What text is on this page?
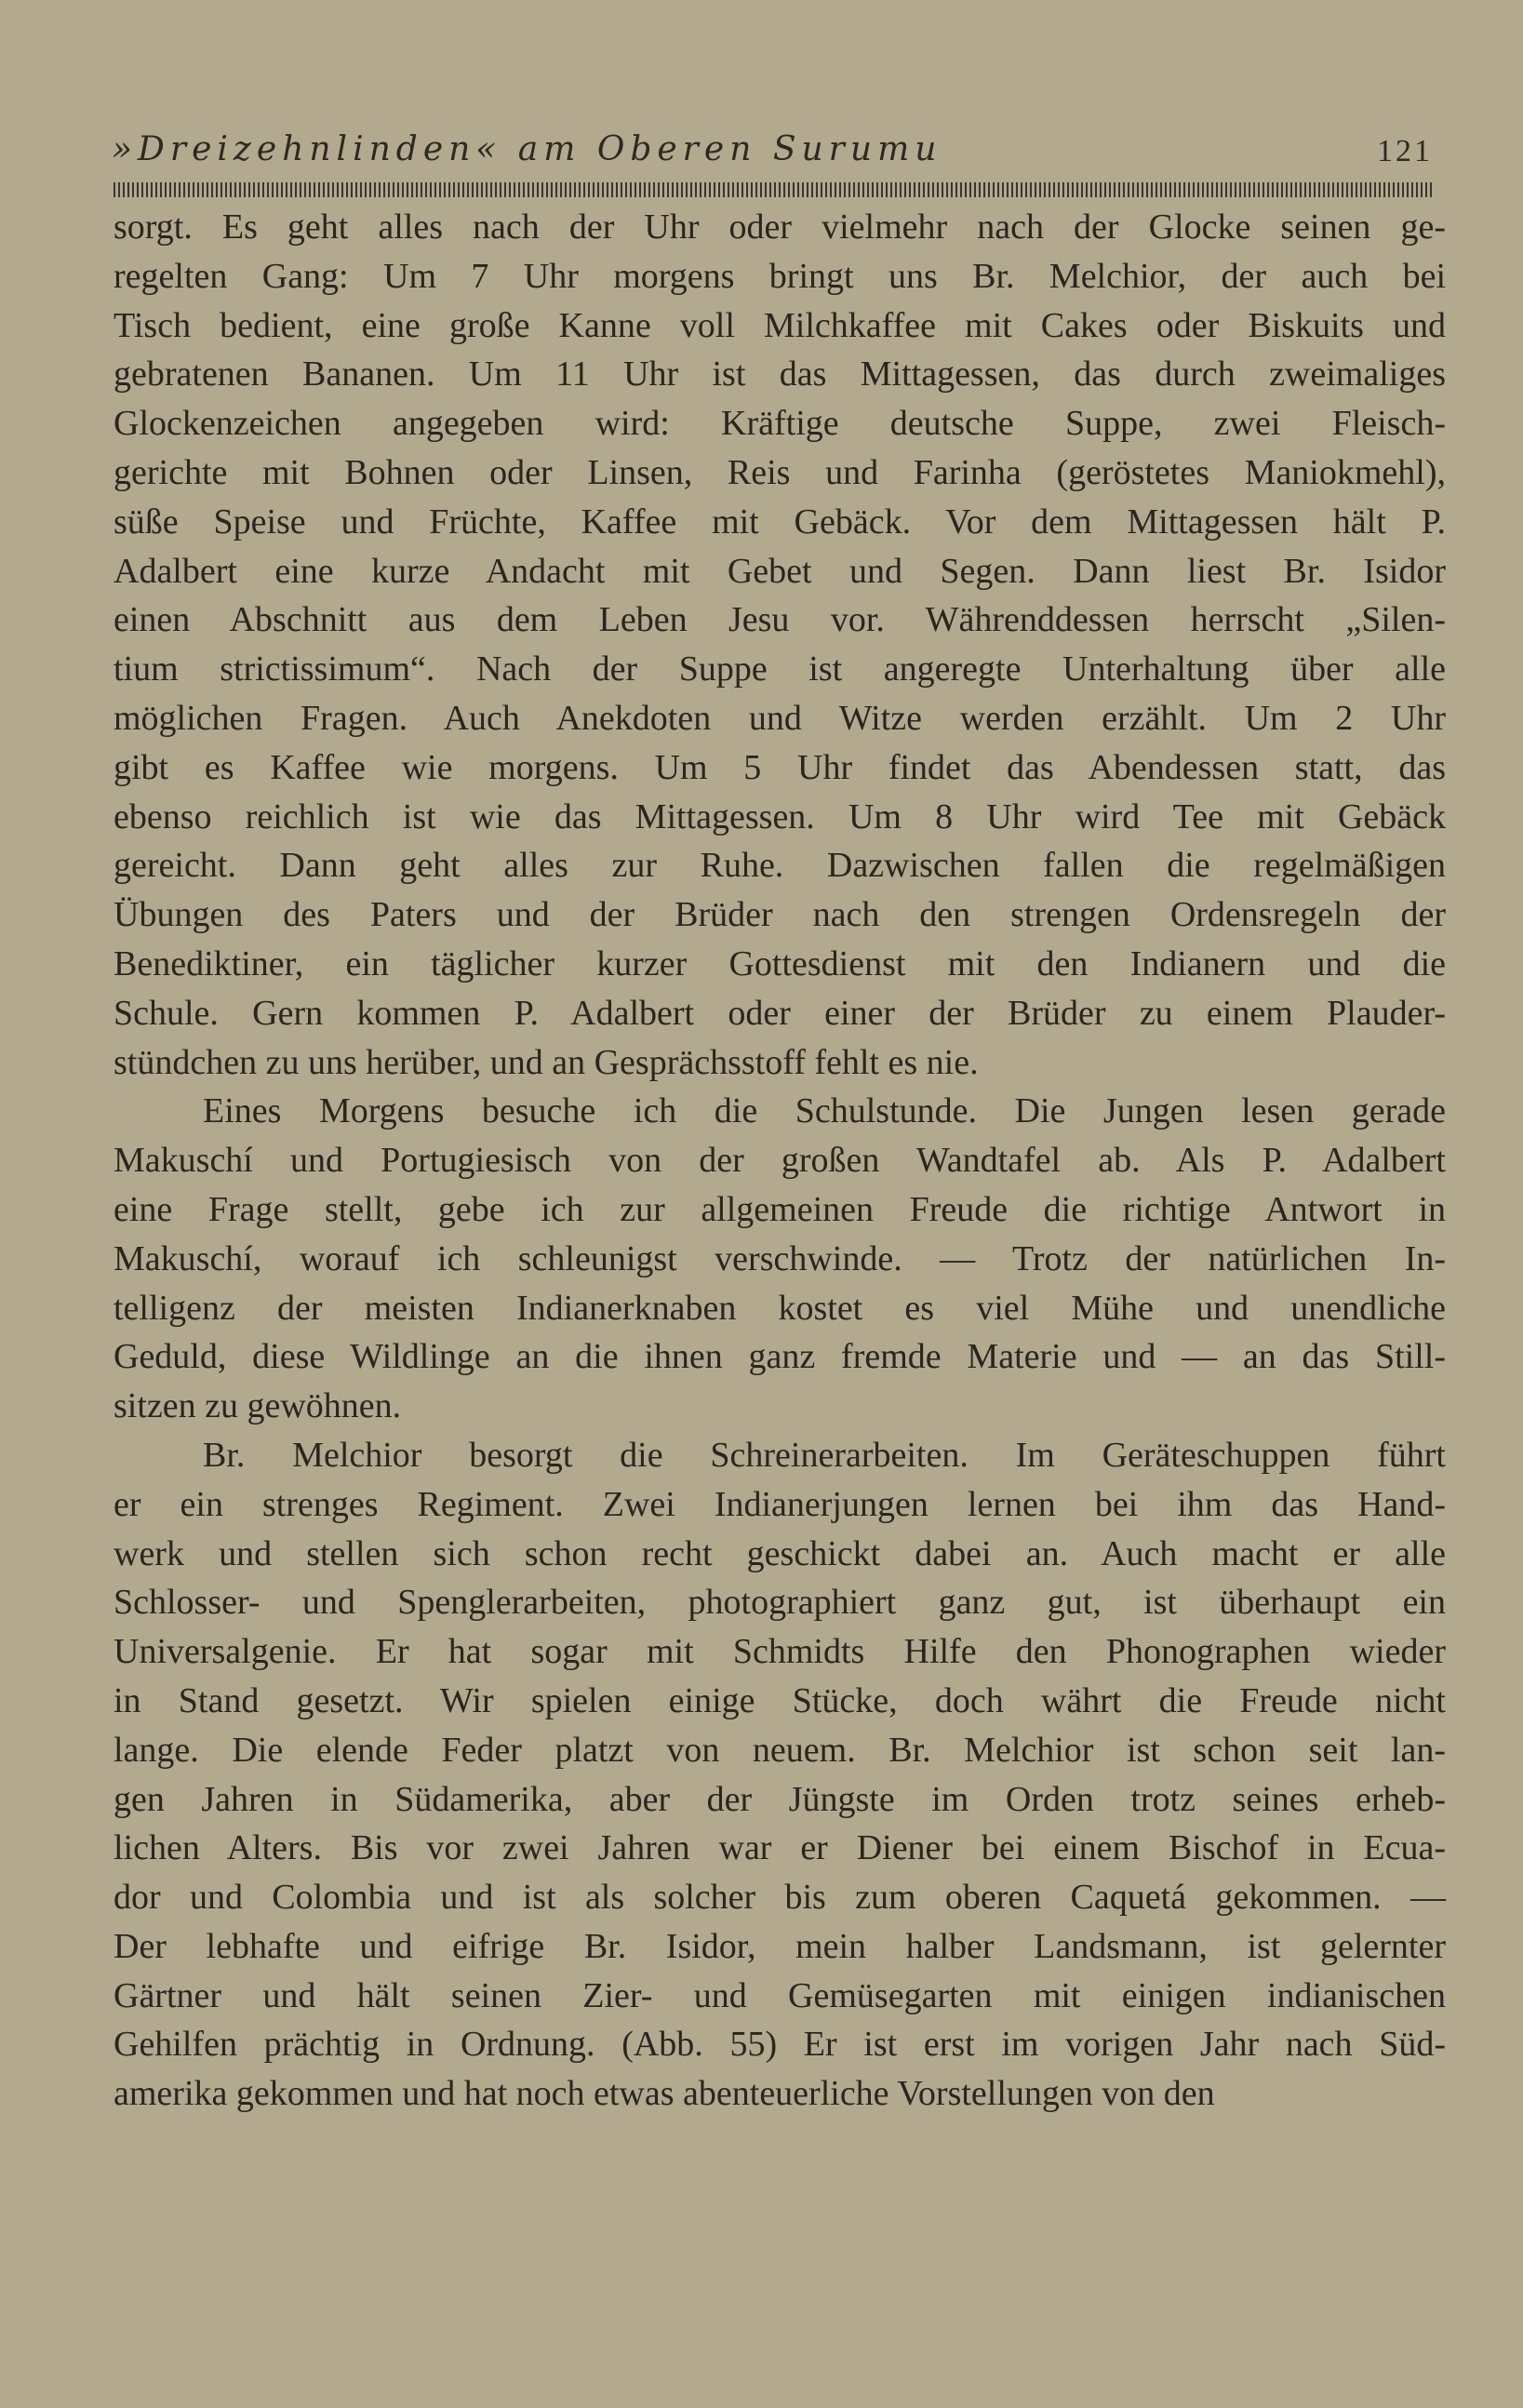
»Dreizehnlinden« am Oberen Surumu	121

sorgt. Es geht alles nach der Uhr oder vielmehr nach der Glocke seinen ge-
regelten Gang: Um 7 Uhr morgens bringt uns Br. Melchior, der auch bei
Tisch bedient, eine große Kanne voll Milchkaffee mit Cakes oder Biskuits und
gebratenen Bananen. Um 11 Uhr ist das Mittagessen, das durch zweimaliges
Glockenzeichen angegeben wird: Kräftige deutsche Suppe, zwei Fleisch-
gerichte mit Bohnen oder Linsen, Reis und Farinha (geröstetes Maniokmehl),
süße Speise und Früchte, Kaffee mit Gebäck. Vor dem Mittagessen hält P.
Adalbert eine kurze Andacht mit Gebet und Segen. Dann liest Br. Isidor
einen Abschnitt aus dem Leben Jesu vor. Währenddessen herrscht „Silen-
tium strictissimum“. Nach der Suppe ist angeregte Unterhaltung über alle
möglichen Fragen. Auch Anekdoten und Witze werden erzählt. Um 2 Uhr
gibt es Kaffee wie morgens. Um 5 Uhr findet das Abendessen statt, das
ebenso reichlich ist wie das Mittagessen. Um 8 Uhr wird Tee mit Gebäck
gereicht. Dann geht alles zur Ruhe. Dazwischen fallen die regelmäßigen
Übungen des Paters und der Brüder nach den strengen Ordensregeln der
Benediktiner, ein täglicher kurzer Gottesdienst mit den Indianern und die
Schule. Gern kommen P. Adalbert oder einer der Brüder zu einem Plauder-
stündchen zu uns herüber, und an Gesprächsstoff fehlt es nie.

Eines Morgens besuche ich die Schulstunde. Die Jungen lesen gerade
Makuschí und Portugiesisch von der großen Wandtafel ab. Als P. Adalbert
eine Frage stellt, gebe ich zur allgemeinen Freude die richtige Antwort in
Makuschí, worauf ich schleunigst verschwinde. — Trotz der natürlichen In-
telligenz der meisten Indianerknaben kostet es viel Mühe und unendliche
Geduld, diese Wildlinge an die ihnen ganz fremde Materie und — an das Still-
sitzen zu gewöhnen.

Br. Melchior besorgt die Schreinerarbeiten. Im Geräteschuppen führt
er ein strenges Regiment. Zwei Indianerjungen lernen bei ihm das Hand-
werk und stellen sich schon recht geschickt dabei an. Auch macht er alle
Schlosser- und Spenglerarbeiten, photographiert ganz gut, ist überhaupt ein
Universalgenie. Er hat sogar mit Schmidts Hilfe den Phonographen wieder
in Stand gesetzt. Wir spielen einige Stücke, doch währt die Freude nicht
lange. Die elende Feder platzt von neuem. Br. Melchior ist schon seit lan-
gen Jahren in Südamerika, aber der Jüngste im Orden trotz seines erheb-
lichen Alters. Bis vor zwei Jahren war er Diener bei einem Bischof in Ecua-
dor und Colombia und ist als solcher bis zum oberen Caquetá gekommen. —
Der lebhafte und eifrige Br. Isidor, mein halber Landsmann, ist gelernter
Gärtner und hält seinen Zier- und Gemüsegarten mit einigen indianischen
Gehilfen prächtig in Ordnung. (Abb. 55) Er ist erst im vorigen Jahr nach Süd-
amerika gekommen und hat noch etwas abenteuerliche Vorstellungen von den
